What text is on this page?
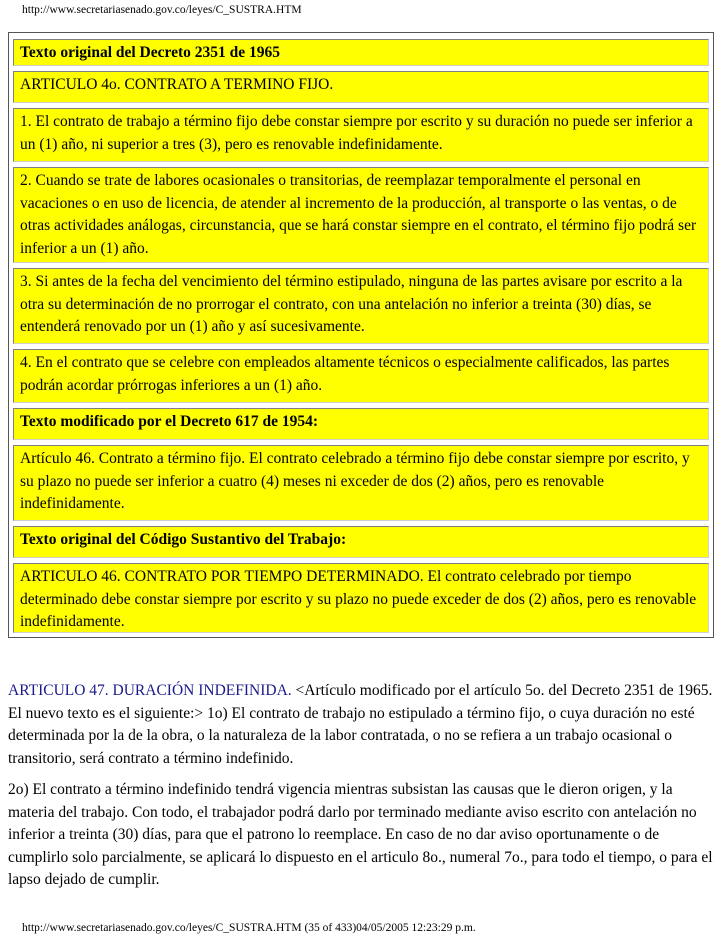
http://www.secretariasenado.gov.co/leyes/C_SUSTRA.HTM
Texto original del Decreto 2351 de 1965
ARTICULO 4o. CONTRATO A TERMINO FIJO.
1. El contrato de trabajo a término fijo debe constar siempre por escrito y su duración no puede ser inferior a un (1) año, ni superior a tres (3), pero es renovable indefinidamente.
2. Cuando se trate de labores ocasionales o transitorias, de reemplazar temporalmente el personal en vacaciones o en uso de licencia, de atender al incremento de la producción, al transporte o las ventas, o de otras actividades análogas, circunstancia, que se hará constar siempre en el contrato, el término fijo podrá ser inferior a un (1) año.
3. Si antes de la fecha del vencimiento del término estipulado, ninguna de las partes avisare por escrito a la otra su determinación de no prorrogar el contrato, con una antelación no inferior a treinta (30) días, se entenderá renovado por un (1) año y así sucesivamente.
4. En el contrato que se celebre con empleados altamente técnicos o especialmente calificados, las partes podrán acordar prórrogas inferiores a un (1) año.
Texto modificado por el Decreto 617 de 1954:
Artículo 46. Contrato a término fijo. El contrato celebrado a término fijo debe constar siempre por escrito, y su plazo no puede ser inferior a cuatro (4) meses ni exceder de dos (2) años, pero es renovable indefinidamente.
Texto original del Código Sustantivo del Trabajo:
ARTICULO 46. CONTRATO POR TIEMPO DETERMINADO. El contrato celebrado por tiempo determinado debe constar siempre por escrito y su plazo no puede exceder de dos (2) años, pero es renovable indefinidamente.

ARTICULO 47. DURACIÓN INDEFINIDA. <Artículo modificado por el artículo 5o. del Decreto 2351 de 1965. El nuevo texto es el siguiente:> 1o) El contrato de trabajo no estipulado a término fijo, o cuya duración no esté determinada por la de la obra, o la naturaleza de la labor contratada, o no se refiera a un trabajo ocasional o transitorio, será contrato a término indefinido.

2o) El contrato a término indefinido tendrá vigencia mientras subsistan las causas que le dieron origen, y la materia del trabajo. Con todo, el trabajador podrá darlo por terminado mediante aviso escrito con antelación no inferior a treinta (30) días, para que el patrono lo reemplace. En caso de no dar aviso oportunamente o de cumplirlo solo parcialmente, se aplicará lo dispuesto en el articulo 8o., numeral 7o., para todo el tiempo, o para el lapso dejado de cumplir.

http://www.secretariasenado.gov.co/leyes/C_SUSTRA.HTM (35 of 433)04/05/2005 12:23:29 p.m.
